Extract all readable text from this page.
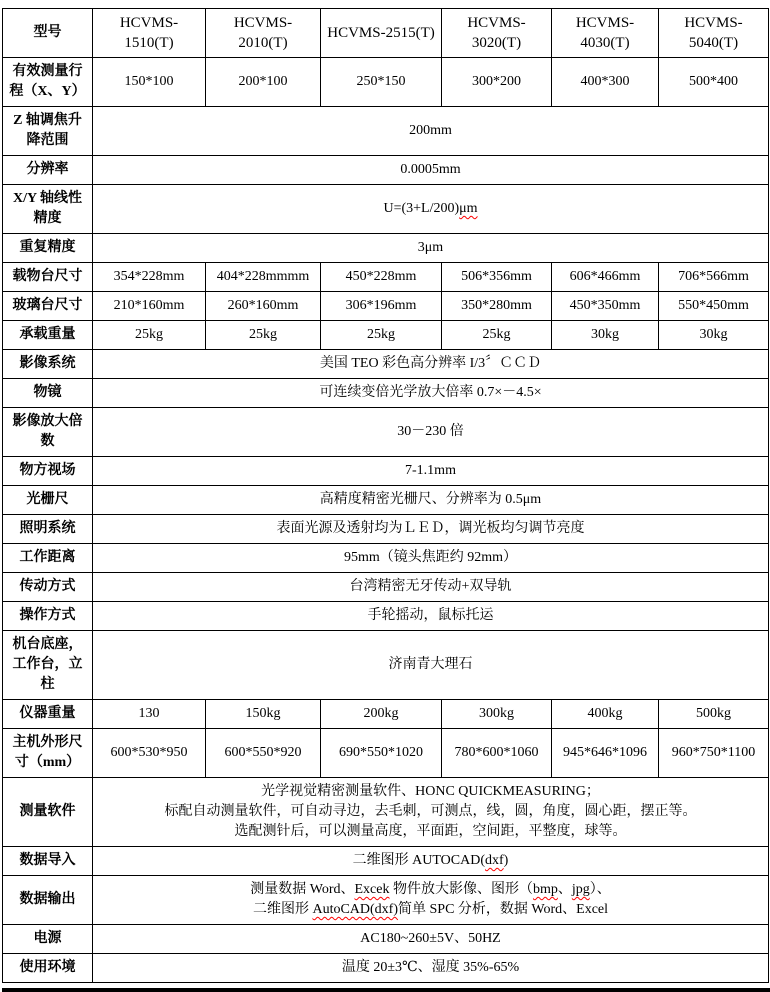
型号	HCVMS-1510(T)	HCVMS-2010(T)	HCVMS-2515(T)	HCVMS-3020(T)	HCVMS-4030(T)	HCVMS-5040(T)
有效测量行程（X、Y）	150*100	200*100	250*150	300*200	400*300	500*400
Z 轴调焦升降范围	200mm					

分辨率	0.0005mm					

X/Y 轴线性精度	U=(3+L/200)μm					

重复精度	3μm					

载物台尺寸	354*228mm	404*228mmmm	450*228mm	506*356mm	606*466mm	706*566mm
玻璃台尺寸	210*160mm	260*160mm	306*196mm	350*280mm	450*350mm	550*450mm
承载重量	25kg	25kg	25kg	25kg	30kg	30kg
影像系统	美国 TEO 彩色高分辨率 I/3〞ＣＣＤ					

物镜	可连续变倍光学放大倍率 0.7×－4.5×					

影像放大倍数	30－230 倍					

物方视场	7-1.1mm					

光栅尺	高精度精密光栅尺、分辨率为 0.5μm					

照明系统	表面光源及透射均为ＬＥＤ，调光板均匀调节亮度					

工作距离	95mm（镜头焦距约 92mm）					

传动方式	台湾精密无牙传动+双导轨					

操作方式	手轮摇动，鼠标托运					

机台底座，工作台，立柱	济南青大理石					

仪器重量	130	150kg	200kg	300kg	400kg	500kg
主机外形尺寸（mm）	600*530*950	600*550*920	690*550*1020	780*600*1060	945*646*1096	960*750*1100
测量软件	光学视觉精密测量软件、HONC QUICKMEASURING；
标配自动测量软件，可自动寻边，去毛刺，可测点，线，圆，角度，圆心距，摆正等。
选配测针后，可以测量高度，平面距，空间距，平整度，球等。					

数据导入	二维图形 AUTOCAD(dxf)					

数据输出	测量数据 Word、Excek 物件放大影像、图形（bmp、jpg）、
二维图形 AutoCAD(dxf)简单 SPC 分析，数据 Word、Excel					

电源	AC180~260±5V、50HZ					

使用环境	温度 20±3℃、湿度 35%-65%					
